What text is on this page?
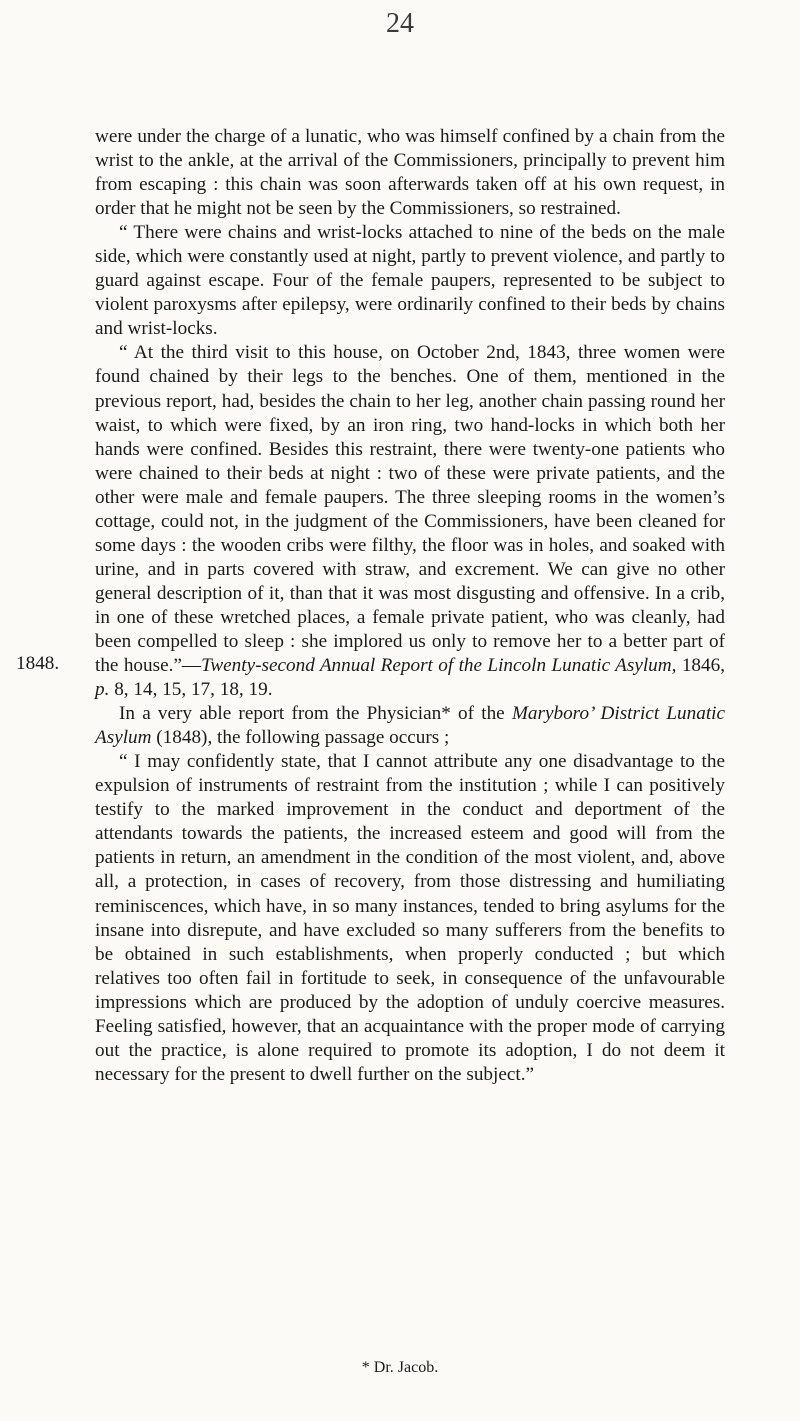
24

were under the charge of a lunatic, who was himself confined by a chain from the wrist to the ankle, at the arrival of the Commissioners, principally to prevent him from escaping : this chain was soon afterwards taken off at his own request, in order that he might not be seen by the Commissioners, so restrained.

“ There were chains and wrist-locks attached to nine of the beds on the male side, which were constantly used at night, partly to prevent violence, and partly to guard against escape. Four of the female paupers, represented to be subject to violent paroxysms after epilepsy, were ordinarily confined to their beds by chains and wrist-locks.

“ At the third visit to this house, on October 2nd, 1843, three women were found chained by their legs to the benches. One of them, mentioned in the previous report, had, besides the chain to her leg, another chain passing round her waist, to which were fixed, by an iron ring, two hand-locks in which both her hands were confined. Besides this restraint, there were twenty-one patients who were chained to their beds at night : two of these were private patients, and the other were male and female paupers. The three sleeping rooms in the women’s cottage, could not, in the judgment of the Commissioners, have been cleaned for some days : the wooden cribs were filthy, the floor was in holes, and soaked with urine, and in parts covered with straw, and excrement. We can give no other general description of it, than that it was most disgusting and offensive. In a crib, in one of these wretched places, a female private patient, who was cleanly, had been compelled to sleep : she implored us only to remove her to a better part of the house.”—Twenty-second Annual Report of the Lincoln Lunatic Asylum, 1846, p. 8, 14, 15, 17, 18, 19.

In a very able report from the Physician* of the Maryboro’ District Lunatic Asylum (1848), the following passage occurs ;

“ I may confidently state, that I cannot attribute any one disadvantage to the expulsion of instruments of restraint from the institution ; while I can positively testify to the marked improvement in the conduct and deportment of the attendants towards the patients, the increased esteem and good will from the patients in return, an amendment in the condition of the most violent, and, above all, a protection, in cases of recovery, from those distressing and humiliating reminiscences, which have, in so many instances, tended to bring asylums for the insane into disrepute, and have excluded so many sufferers from the benefits to be obtained in such establishments, when properly conducted ; but which relatives too often fail in fortitude to seek, in consequence of the unfavourable impressions which are produced by the adoption of unduly coercive measures. Feeling satisfied, however, that an acquaintance with the proper mode of carrying out the practice, is alone required to promote its adoption, I do not deem it necessary for the present to dwell further on the subject.”

1848.
* Dr. Jacob.
